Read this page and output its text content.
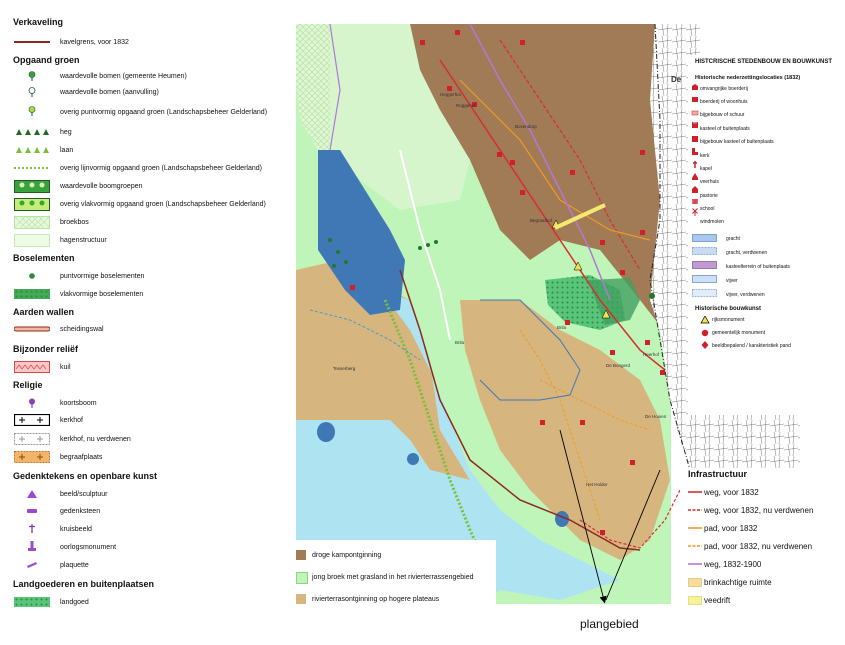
De
Heggerhoi
Roggehof
Bovendorp
Begraafhof
Brila
Brila
Tesserberg
De Bongerd
Heerhof
De Hooien
Het Holder
Verkaveling
kavelgrens, voor 1832
Opgaand groen
waardevolle bomen (gemeente Heumen)
waardevolle bomen (aanvulling)
overig puntvormig opgaand groen (Landschapsbeheer Gelderland)
heg
laan
overig lijnvormig opgaand groen (Landschapsbeheer Gelderland)
waardevolle boomgroepen
overig vlakvormig opgaand groen (Landschapsbeheer Gelderland)
broekbos
hagenstructuur
Boselementen
puntvormige boselementen
vlakvormige boselementen
Aarden wallen
scheidingswal
Bijzonder reliëf
kuil
Religie
koortsboom
kerkhof
kerkhof, nu verdwenen
begraafplaats
Gedenktekens en openbare kunst
beeld/sculptuur
gedenksteen
kruisbeeld
oorlogsmonument
plaquette
Landgoederen en buitenplaatsen
landgoed
HISTCRISCHE STEDENBOUW EN BOUWKUNST
Historische nederzettingslocaties (1832)
omvangrijke boerderij
boerderij of woonhuis
bijgebouw of schuur
kasteel of buitenplaats
bijgebouw kasteel of buitenplaats
kerk
kapel
veerhuis
pastorie
school
windmolen
gracht
gracht, verdwenen
kasteelterrein of buitenplaats
vijver
vijver, verdwenen
Historische bouwkunst
rijksmonument
gemeentelijk monument
beeldbepalend / karakteristiek pand
Infrastructuur
weg, voor 1832
weg, voor 1832, nu verdwenen
pad, voor 1832
pad, voor 1832, nu verdwenen
weg, 1832-1900
brinkachtige ruimte
veedrift
droge kampontginning
jong broek met grasland in het rivierterrassengebied
rivierterrasontginning op hogere plateaus
plangebied
